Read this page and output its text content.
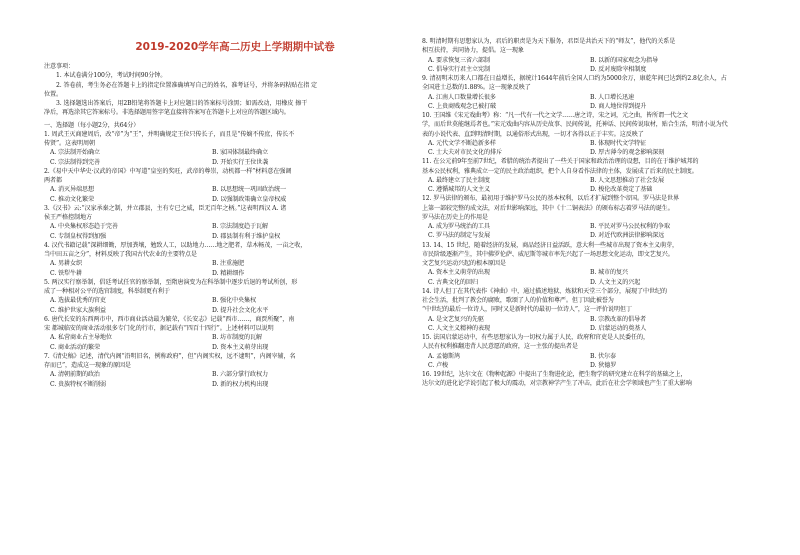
2019-2020学年高二历史上学期期中试卷
注意事项：
1. 本试卷满分100分，考试时间90分钟。
2. 答卷前，考生务必在答题卡上的指定位置准确填写自己的姓名，准考证号，并将条码粘贴在指 定
位置。
3. 选择题选出答案后，用2B铅笔将答题卡上对应题目的答案标号涂黑；如需改动，用橡皮 擦干
净后，再选涂其它答案标号。非选择题用签字笔直接将答案写在答题卡上对应的答题区域内。
一、选择题（每小题2分，共64分）
1. 周武王灭商建周后，改“帝”为“王”，并明确规定王位只传长子，而且是“传嫡不传庶，传长不
传贤”。这表明周朝
A. 宗法制开始确立	B. 家国体制最终确立
C. 宗法制得到完善	D. 开始实行王位世袭
2.《易中天中华史·汉武的帝国》中写道“皇室的奖旺，武帝的尊崇，动机都一样”材料意在强调
两者都
A. 消灭异端思想	B. 以思想统一巩固政治统一
C. 推动文化繁荣	D. 以强制政策确立皇帝权威
3.《汉书》云:“汉家承秦之制，并立郡县，主有专已之威，臣无百年之柄。”这表明西汉 A. 诸
侯王严格控制地方
A. 中央集权形态趋于完善	B. 宗法制度趋于瓦解
C. 专制皇权得到加强	D. 郡县制有利于维护皇权
4. 汉代书籍记载“深耕细锄，厚加粪壤，勉致人工，以助地力……地之肥者，草木畅茂，一亩之收，
当中田五亩之分”，材料反映了我国古代农业的主要特点是
A. 男耕女织	B. 注重施肥
C. 铁犁牛耕	D. 精耕细作
5. 两汉实行察举制，倡廷考试任官的察举制，至隋唐演变为在科举制中逐步后退的考试所创，形
成了一种相对公平的选官制度，科举制更有利于
A. 选拔最优秀的官吏	B. 强化中央集权
C. 维护世家大族利益	D. 提升社会文化水平
6. 唐代长安的东西两市中，西市商业活动最为繁荣，《长安志》记载“西市……，商贾所聚”，南
宋 都城临安的商业活动很多专门化的行市，据记载有“四百十四行”。上述材料可以说明
A. 私营商业占主导地位	B. 坊市制度的瓦解
C. 商业活动的繁荣	D. 资本主义萌芽出现
7.《清史稿》记述，清代内阁“沿明旧名，例称政府”，但“内阁实权，远不逮明”，内阁宰辅，名
存而已”，造成这一现象的原因是
A. 清朝前期的政治	B. 六部分掌行政权力
C. 贵族特权不断削弱	D. 新的权力机构出现
8. 明清时期有思想家认为，君后的职责是为天下服务，君臣是共治天下的“师友”，他代的关系是
相互扶持，共同协力，提倡。这一现象
A. 要求恢复三省六部制	B. 以新的国家观念为指导
C. 倡导实行君主立宪制	D. 反对废除宰相制度
9. 清初明末历来人口都在日益增长，据统计1644年前后全国人口约为5000余万，康乾年间已达到约2.8亿余人，占
全国进士总数的1.88%。这一现象反映了
A. 江南人口数量增长很多	B. 人口增长迅速
C. 上贵商贱观念已被打破	D. 商人地位得到提升
10. 王国维《宋元戏曲考》称：“凡一代有一代之文学……唐之诗，宋之词，元之曲，皆所谓一代之文
学，而后世莫能继焉者也。”宋元戏曲内容从历史故事、民间传说，托神话、民间传说取材，贴合生活，明清小说为代
表的小说代表、直到明清时期，以通俗形式出现，一切才各得以正于丰实。这反映了
A. 元代文学不断趋新多样	B. 体现时代文学特征
C. 士大夫对市民文化的排斥	D. 厚古薄今的观念影响深刻
11. 在公元前9年至前7世纪，希腊的统治者提出了一些关于国家和政治治理的设想，目的在于维护城邦的
基本公民权利，雅典成立一定的民主政治组织，把个人自身看作法律的主体，发展成了后来的民主制度。
A. 最终建立了民主制度	B. 人文思想推动了社会发展
C. 遵循城邦的人文主义	D. 梭伦改革奠定了基础
12. 罗马法律的颁布，最初用于维护罗马公民的基本权利，以后才扩展到整个帝国。罗马法是世界
上第一部较完整的成文法，对后世影响深远，其中《十二铜表法》的颁布标志着罗马法的诞生。
罗马法在历史上的作用是
A. 成为罗马统治的工具	B. 平民对罗马公民权利的争取
C. 罗马法的制定与发展	D. 对近代欧洲法律影响深远
13. 14、15 世纪，随着经济的发展，商品经济日益活跃，意大利一些城市出现了资本主义萌芽，
市民阶级逐渐产生，其中佛罗伦萨、威尼斯等城市率先兴起了一场思想文化运动，即文艺复兴。
文艺复兴运动兴起的根本原因是
A. 资本主义萌芽的出现	B. 城市的复兴
C. 古典文化的回归	D. 人文主义的兴起
14. 诗人但丁在其代表作《神曲》中，通过描述地狱、炼狱和天堂三个部分，展现了中世纪的
社会生活，批判了教会的腐败，歌颂了人的价值和尊严。但丁因此被誉为
“中世纪的最后一位诗人，同时又是新时代的最初一位诗人”，这一评价说明但丁
A. 是文艺复兴的先驱	B. 宗教改革的倡导者
C. 人文主义精神的表现	D. 启蒙运动的奠基人
15. 法国启蒙运动中，有些思想家认为一切权力属于人民，政府和官吏是人民委任的，
人民有权利推翻违背人民意愿的政府，这一主张的提出者是
A. 孟德斯鸠	B. 伏尔泰
C. 卢梭	D. 狄德罗
16. 19世纪，达尔文在《物种起源》中提出了生物进化论，把生物学的研究建立在科学的基础之上，
达尔文的进化论学说引起了极大的震动，对宗教神学产生了冲击，此后在社会学领域也产生了重大影响
